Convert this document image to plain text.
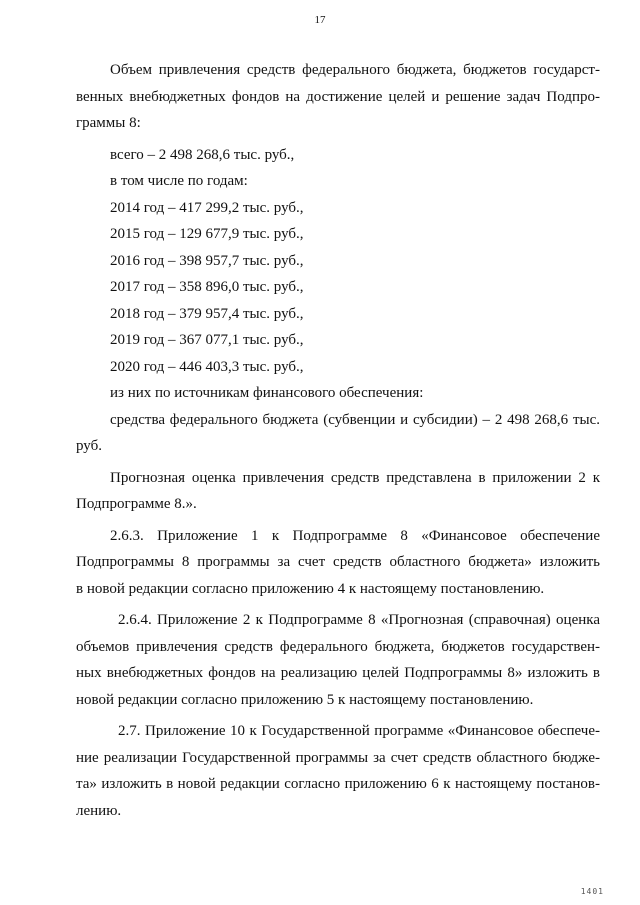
17
Объем привлечения средств федерального бюджета, бюджетов государст-
венных внебюджетных фондов на достижение целей и решение задач Подпро-
граммы 8:

всего – 2 498 268,6 тыс. руб.,

в том числе по годам:

2014 год – 417 299,2 тыс. руб.,

2015 год – 129 677,9 тыс. руб.,

2016 год – 398 957,7 тыс. руб.,

2017 год – 358 896,0 тыс. руб.,

2018 год – 379 957,4 тыс. руб.,

2019 год – 367 077,1 тыс. руб.,

2020 год – 446 403,3 тыс. руб.,

из них по источникам финансового обеспечения:

средства федерального бюджета (субвенции и субсидии) – 2 498 268,6 тыс.
руб.
Прогнозная оценка привлечения средств представлена в приложении 2 к
Подпрограмме 8.».
2.6.3. Приложение 1 к Подпрограмме 8 «Финансовое обеспечение
Подпрограммы 8 программы за счет средств областного бюджета» изложить
в новой редакции согласно приложению 4 к настоящему постановлению.
2.6.4. Приложение 2 к Подпрограмме 8 «Прогнозная (справочная) оценка
объемов привлечения средств федерального бюджета, бюджетов государствен-
ных внебюджетных фондов на реализацию целей Подпрограммы 8» изложить в
новой редакции согласно приложению 5 к настоящему постановлению.
2.7. Приложение 10 к Государственной программе «Финансовое обеспече-
ние реализации Государственной программы за счет средств областного бюдже-
та» изложить в новой редакции согласно приложению 6 к настоящему постанов-
лению.
1401
